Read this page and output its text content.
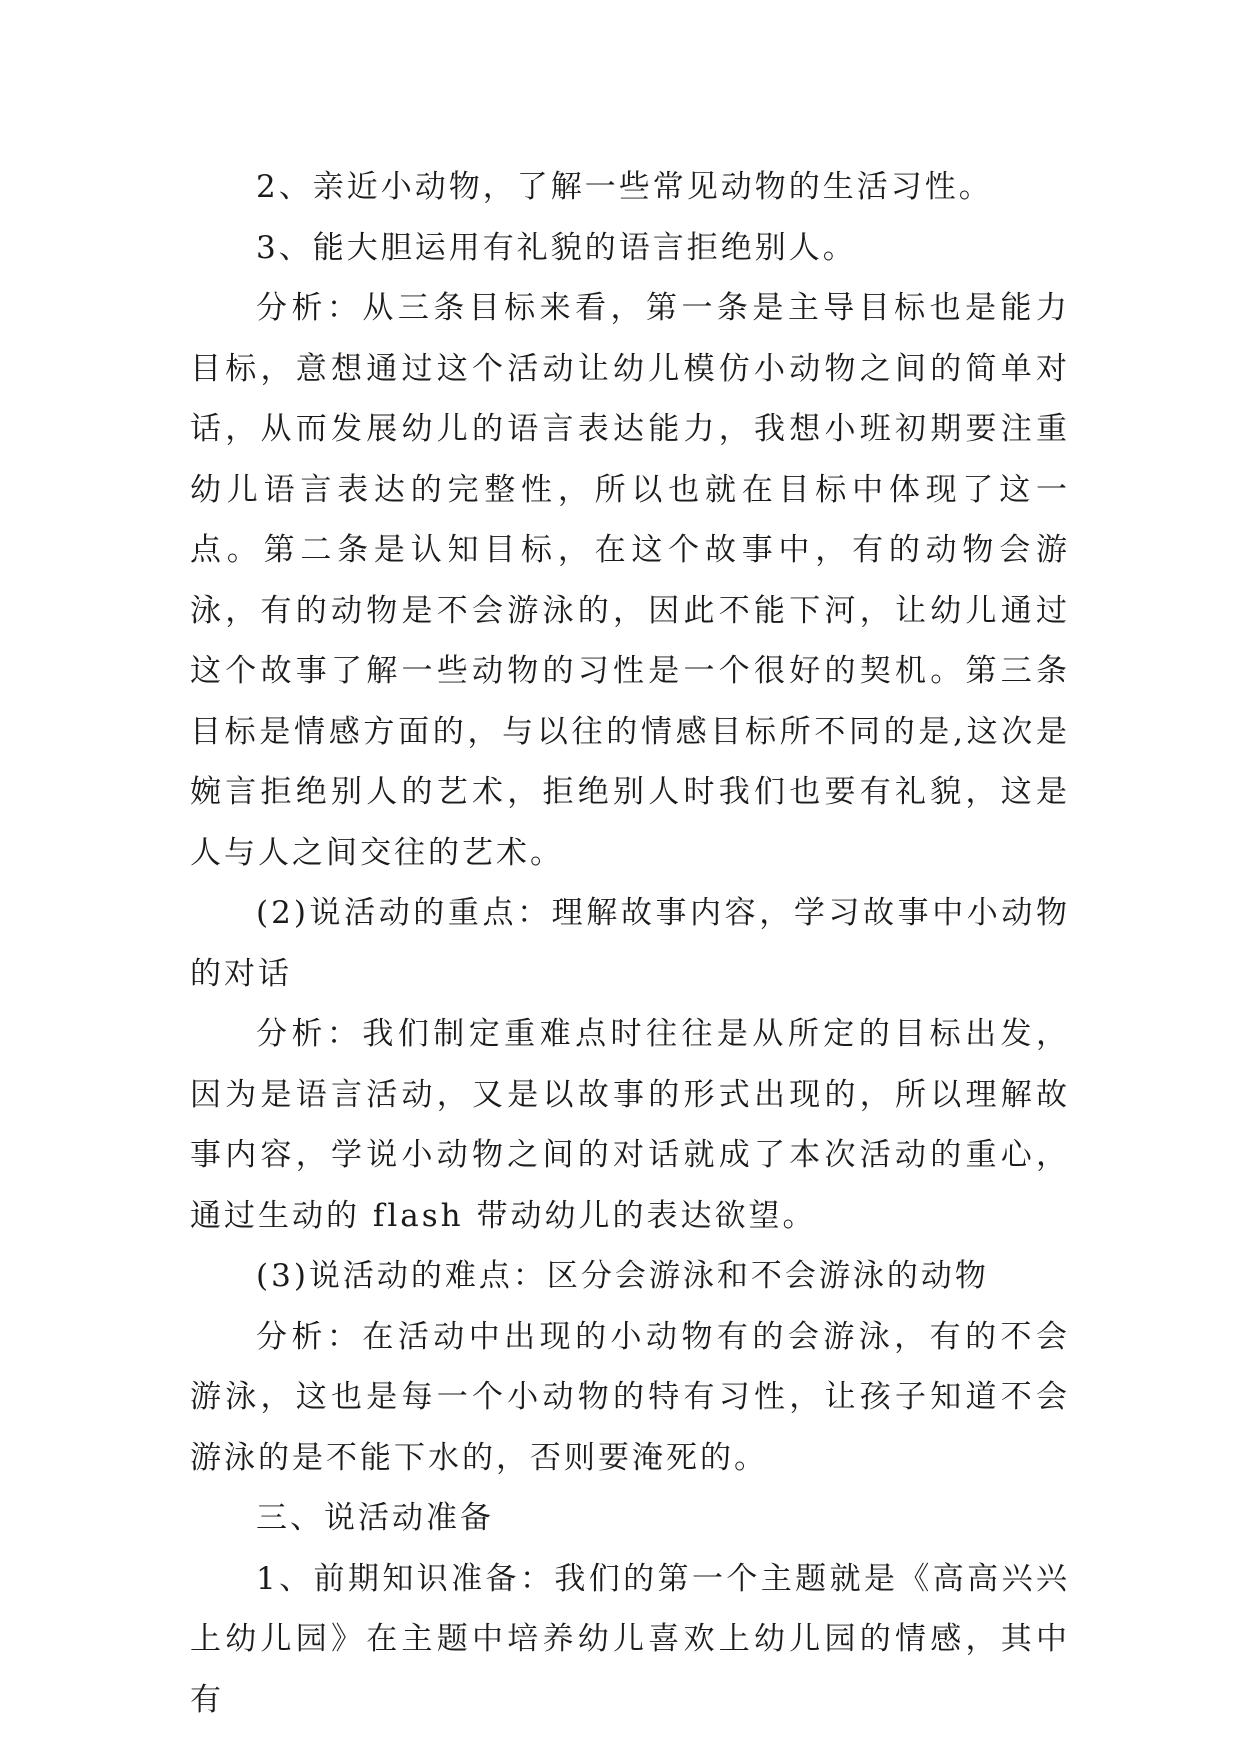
2、亲近小动物，了解一些常见动物的生活习性。

3、能大胆运用有礼貌的语言拒绝别人。

分析：从三条目标来看，第一条是主导目标也是能力目标，意想通过这个活动让幼儿模仿小动物之间的简单对话，从而发展幼儿的语言表达能力，我想小班初期要注重幼儿语言表达的完整性，所以也就在目标中体现了这一点。第二条是认知目标，在这个故事中，有的动物会游泳，有的动物是不会游泳的，因此不能下河，让幼儿通过这个故事了解一些动物的习性是一个很好的契机。第三条目标是情感方面的，与以往的情感目标所不同的是,这次是婉言拒绝别人的艺术，拒绝别人时我们也要有礼貌，这是人与人之间交往的艺术。

(2)说活动的重点：理解故事内容，学习故事中小动物的对话

分析：我们制定重难点时往往是从所定的目标出发，因为是语言活动，又是以故事的形式出现的，所以理解故事内容，学说小动物之间的对话就成了本次活动的重心，通过生动的 flash 带动幼儿的表达欲望。

(3)说活动的难点：区分会游泳和不会游泳的动物

分析：在活动中出现的小动物有的会游泳，有的不会游泳，这也是每一个小动物的特有习性，让孩子知道不会游泳的是不能下水的，否则要淹死的。

三、说活动准备

1、前期知识准备：我们的第一个主题就是《高高兴兴上幼儿园》在主题中培养幼儿喜欢上幼儿园的情感，其中有
